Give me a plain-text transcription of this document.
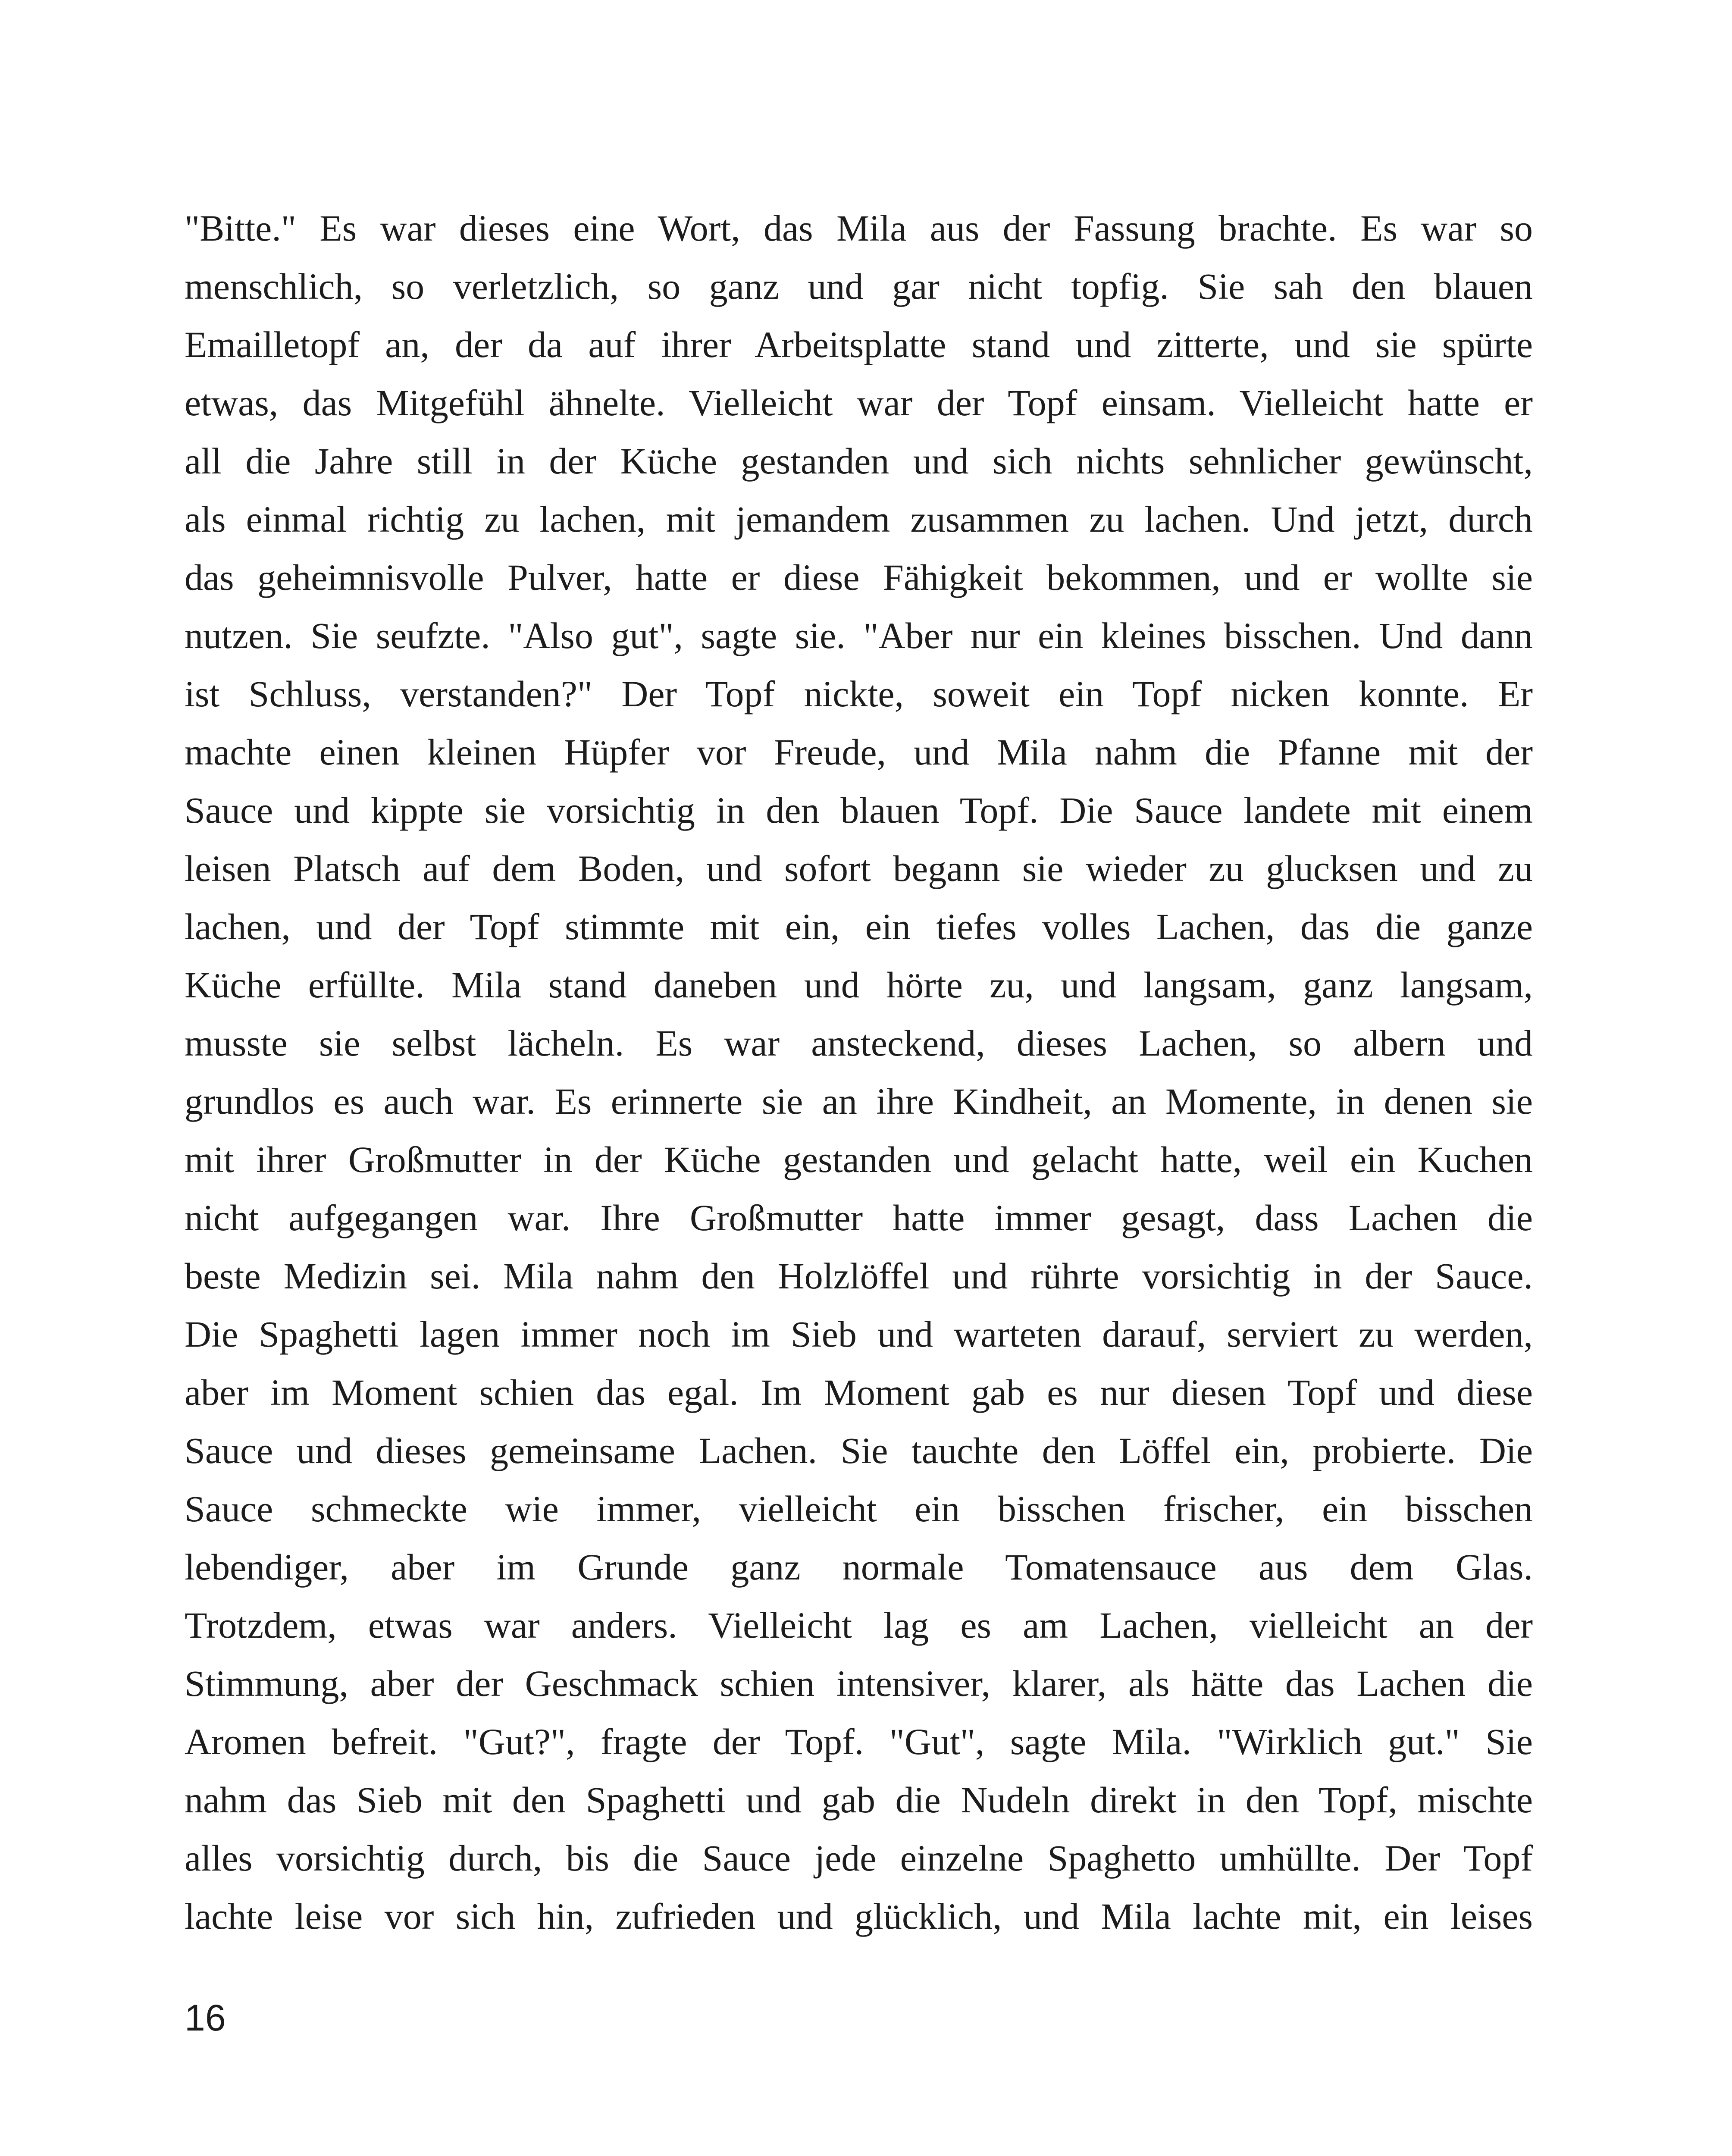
"Bitte." Es war dieses eine Wort, das Mila aus der Fassung brachte. Es war so
menschlich, so verletzlich, so ganz und gar nicht topfig. Sie sah den blauen
Emailletopf an, der da auf ihrer Arbeitsplatte stand und zitterte, und sie spürte
etwas, das Mitgefühl ähnelte. Vielleicht war der Topf einsam. Vielleicht hatte er
all die Jahre still in der Küche gestanden und sich nichts sehnlicher gewünscht,
als einmal richtig zu lachen, mit jemandem zusammen zu lachen. Und jetzt, durch
das geheimnisvolle Pulver, hatte er diese Fähigkeit bekommen, und er wollte sie
nutzen. Sie seufzte. "Also gut", sagte sie. "Aber nur ein kleines bisschen. Und dann
ist Schluss, verstanden?" Der Topf nickte, soweit ein Topf nicken konnte. Er
machte einen kleinen Hüpfer vor Freude, und Mila nahm die Pfanne mit der
Sauce und kippte sie vorsichtig in den blauen Topf. Die Sauce landete mit einem
leisen Platsch auf dem Boden, und sofort begann sie wieder zu glucksen und zu
lachen, und der Topf stimmte mit ein, ein tiefes volles Lachen, das die ganze
Küche erfüllte. Mila stand daneben und hörte zu, und langsam, ganz langsam,
musste sie selbst lächeln. Es war ansteckend, dieses Lachen, so albern und
grundlos es auch war. Es erinnerte sie an ihre Kindheit, an Momente, in denen sie
mit ihrer Großmutter in der Küche gestanden und gelacht hatte, weil ein Kuchen
nicht aufgegangen war. Ihre Großmutter hatte immer gesagt, dass Lachen die
beste Medizin sei. Mila nahm den Holzlöffel und rührte vorsichtig in der Sauce.
Die Spaghetti lagen immer noch im Sieb und warteten darauf, serviert zu werden,
aber im Moment schien das egal. Im Moment gab es nur diesen Topf und diese
Sauce und dieses gemeinsame Lachen. Sie tauchte den Löffel ein, probierte. Die
Sauce schmeckte wie immer, vielleicht ein bisschen frischer, ein bisschen
lebendiger, aber im Grunde ganz normale Tomatensauce aus dem Glas.
Trotzdem, etwas war anders. Vielleicht lag es am Lachen, vielleicht an der
Stimmung, aber der Geschmack schien intensiver, klarer, als hätte das Lachen die
Aromen befreit. "Gut?", fragte der Topf. "Gut", sagte Mila. "Wirklich gut." Sie
nahm das Sieb mit den Spaghetti und gab die Nudeln direkt in den Topf, mischte
alles vorsichtig durch, bis die Sauce jede einzelne Spaghetto umhüllte. Der Topf
lachte leise vor sich hin, zufrieden und glücklich, und Mila lachte mit, ein leises
16
